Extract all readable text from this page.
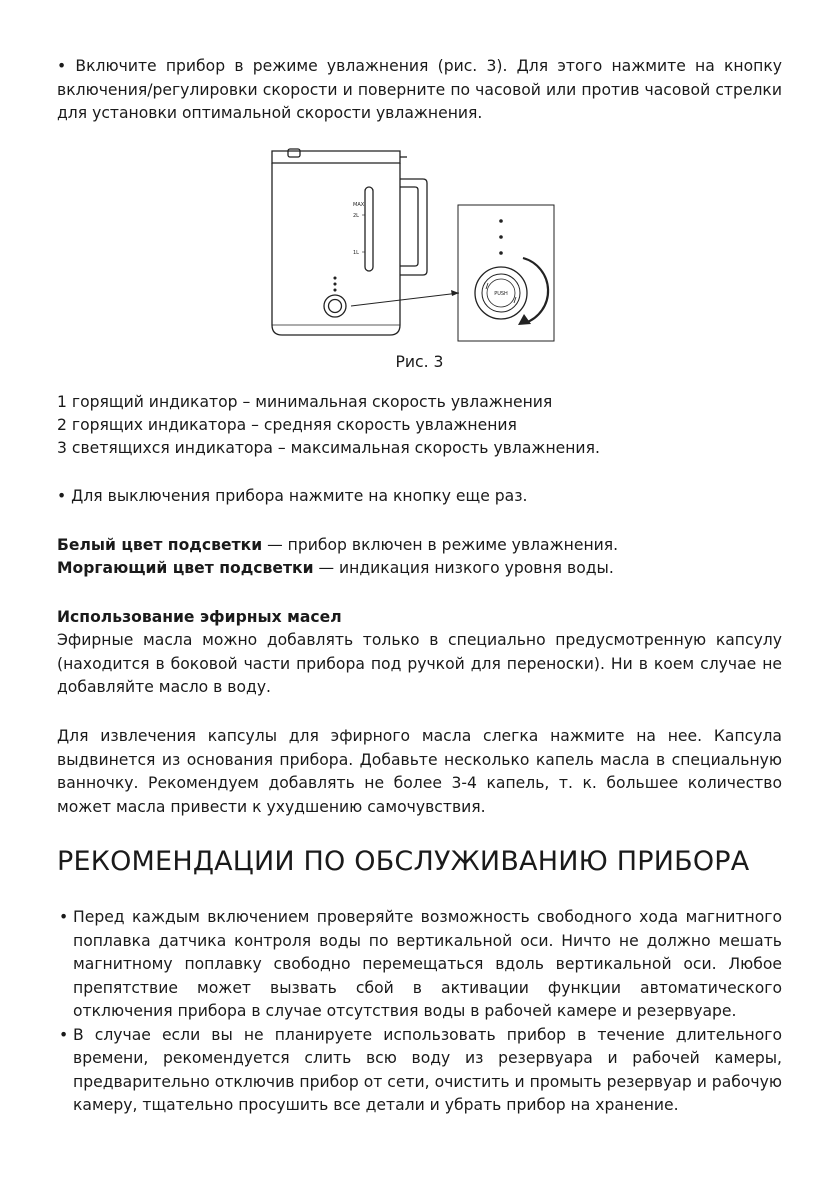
• Включите прибор в режиме увлажнения (рис. 3). Для этого нажмите на кнопку включения/регулировки скорости и поверните по часовой или против часовой стрелки для установки оптимальной скорости увлажнения.

MAX
2L
1L
PUSH
Рис. 3

1 горящий индикатор – минимальная скорость увлажнения

2 горящих индикатора – средняя скорость увлажнения

3 светящихся индикатора – максимальная скорость увлажнения.

• Для выключения прибора нажмите на кнопку еще раз.

Белый цвет подсветки — прибор включен в режиме увлажнения.

Моргающий цвет подсветки — индикация низкого уровня воды.

Использование эфирных масел

Эфирные масла можно добавлять только в специально предусмотренную капсулу (находится в боковой части прибора под ручкой для переноски). Ни в коем случае не добавляйте масло в воду.

Для извлечения капсулы для эфирного масла слегка нажмите на нее. Капсула выдвинется из основания прибора. Добавьте несколько капель масла в специальную ванночку. Рекомендуем добавлять не более 3-4 капель, т. к. большее количество может масла привести к ухудшению самочувствия.

РЕКОМЕНДАЦИИ ПО ОБСЛУЖИВАНИЮ ПРИБОРА
• Перед каждым включением проверяйте возможность свободного хода магнитного поплавка датчика контроля воды по вертикальной оси. Ничто не должно мешать магнитному поплавку свободно перемещаться вдоль вертикальной оси. Любое препятствие может вызвать сбой в активации функции автоматического отключения прибора в случае отсутствия воды в рабочей камере и резервуаре.
• В случае если вы не планируете использовать прибор в течение длительного времени, рекомендуется слить всю воду из резервуара и рабочей камеры, предварительно отключив прибор от сети, очистить и промыть резервуар и рабочую камеру, тщательно просушить все детали и убрать прибор на хранение.
